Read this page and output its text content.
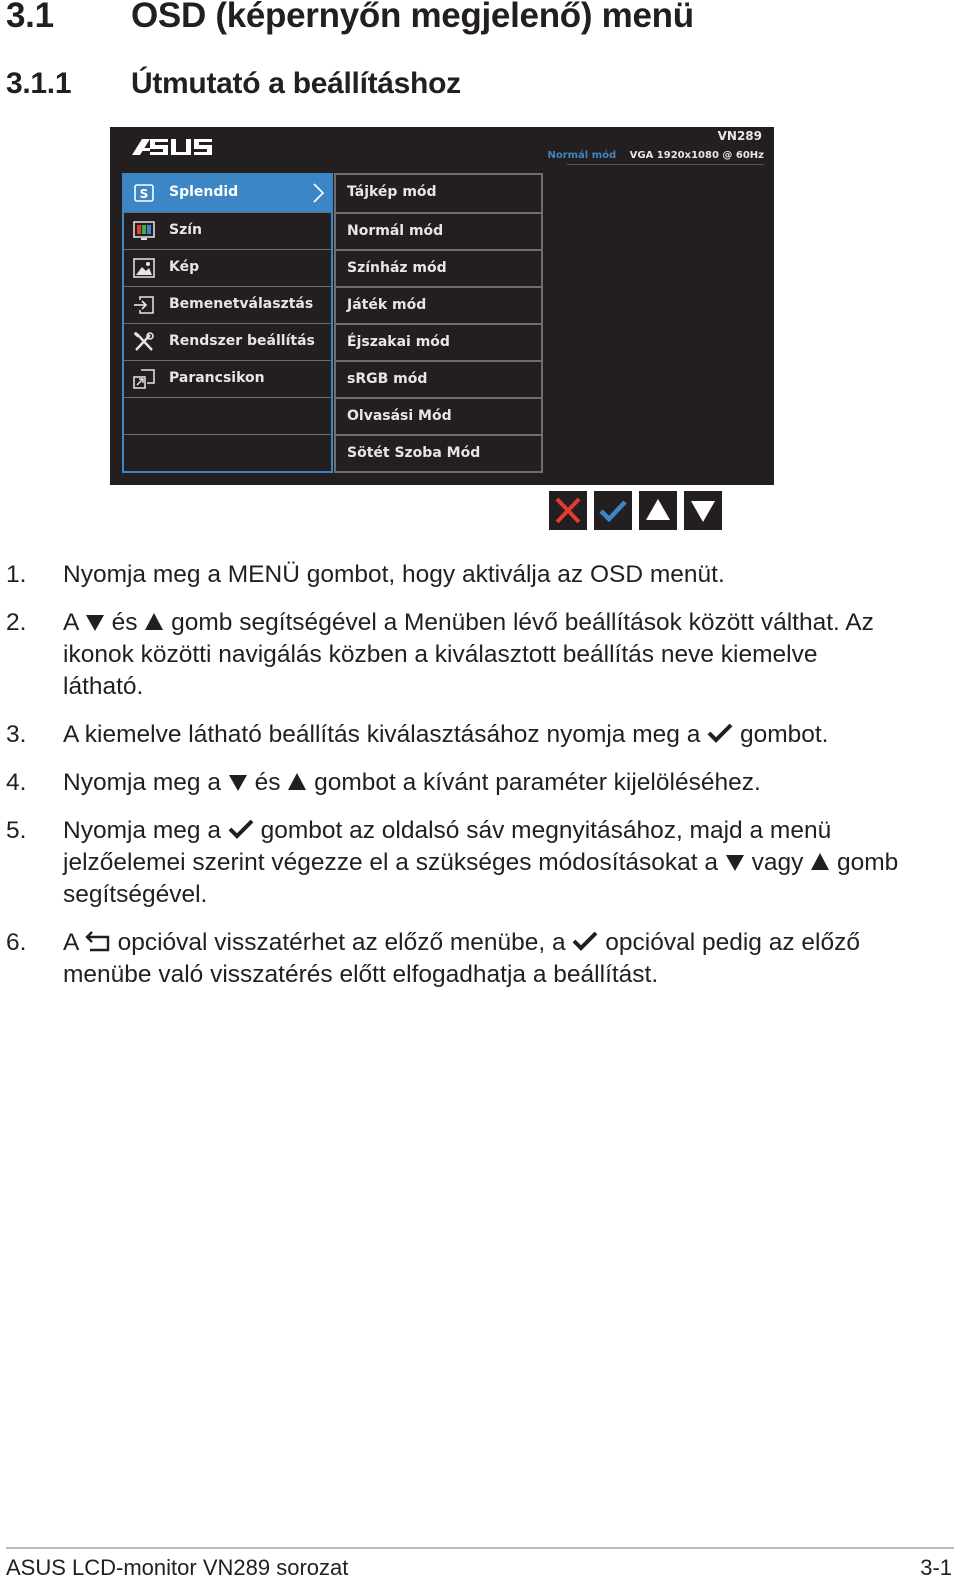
3.1 OSD (képernyőn megjelenő) menü
3.1.1 Útmutató a beállításhoz
VN289
Normál mód VGA 1920x1080 @ 60Hz
S Splendid
Szín
Kép
Bemenetválasztás
Rendszer beállítás
Parancsikon
Tájkép mód
Normál mód
Színház mód
Játék mód
Éjszakai mód
sRGB mód
Olvasási Mód
Sötét Szoba Mód
1. Nyomja meg a MENÜ gombot, hogy aktiválja az OSD menüt.
2. A  és  gomb segítségével a Menüben lévő beállítások között válthat. Az ikonok közötti navigálás közben a kiválasztott beállítás neve kiemelve látható.
3. A kiemelve látható beállítás kiválasztásához nyomja meg a  gombot.
4. Nyomja meg a  és  gombot a kívánt paraméter kijelöléséhez.
5. Nyomja meg a  gombot az oldalsó sáv megnyitásához, majd a menü jelzőelemei szerint végezze el a szükséges módosításokat a  vagy  gomb segítségével.
6. A  opcióval visszatérhet az előző menübe, a  opcióval pedig az előző menübe való visszatérés előtt elfogadhatja a beállítást.
ASUS LCD-monitor VN289 sorozat	3-1
